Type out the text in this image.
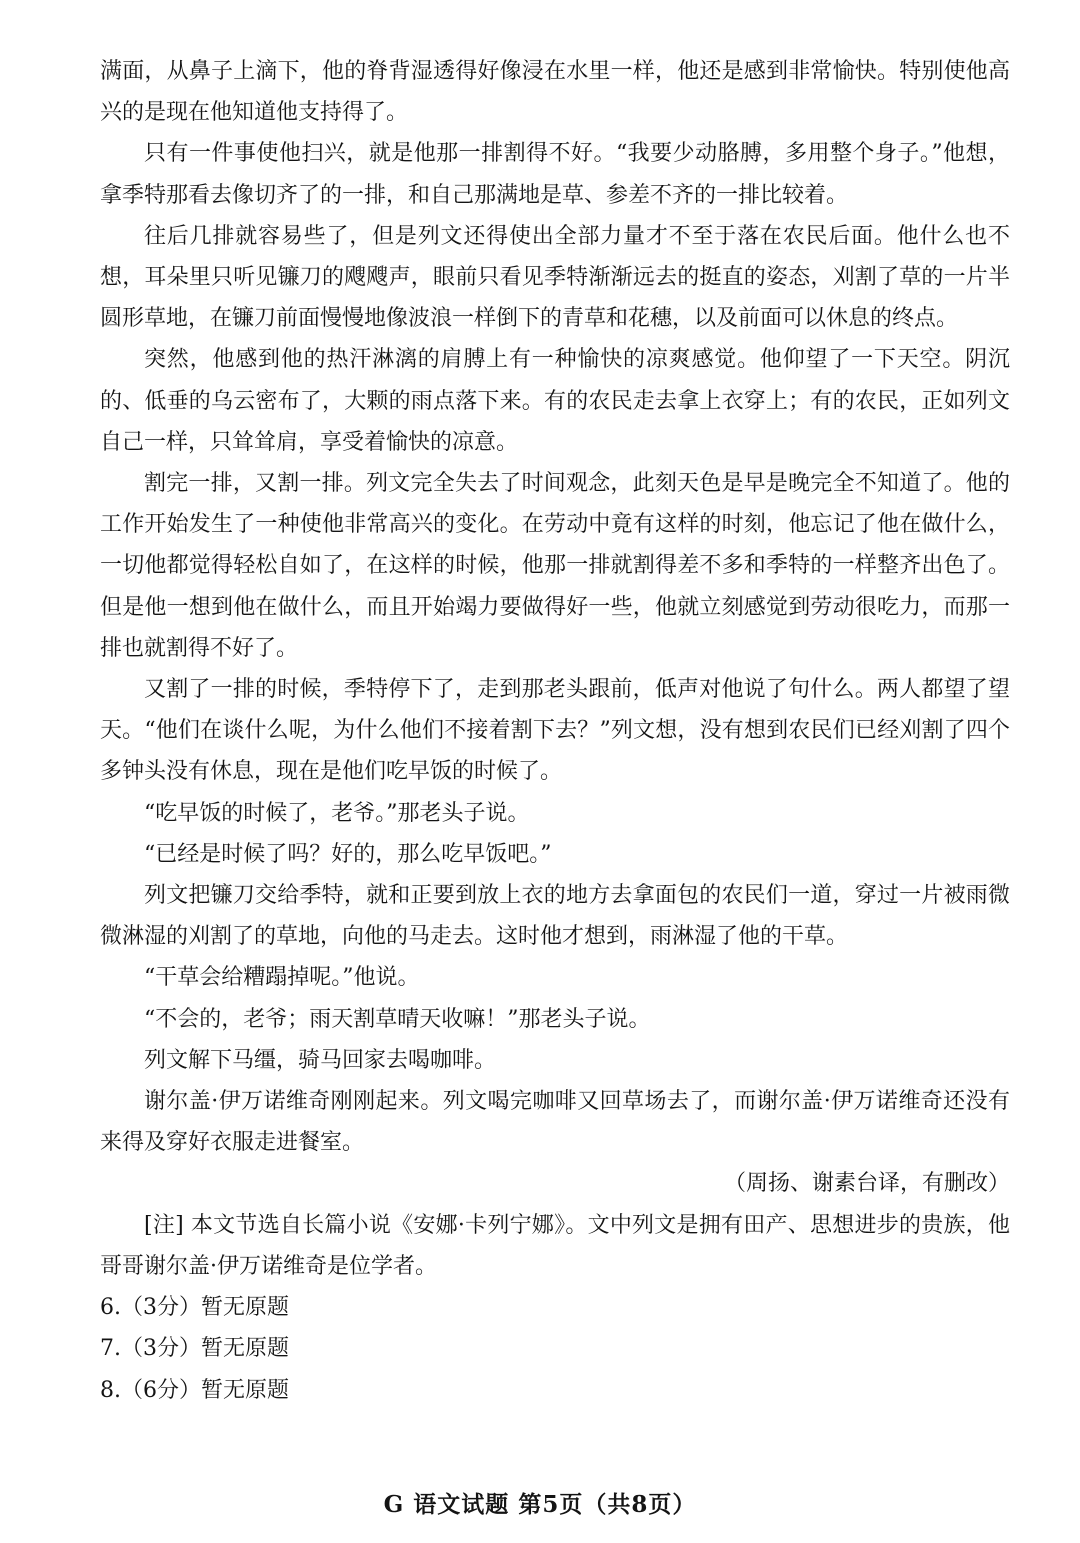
满面，从鼻子上滴下，他的脊背湿透得好像浸在水里一样，他还是感到非常愉快。特别使他高兴的是现在他知道他支持得了。

只有一件事使他扫兴，就是他那一排割得不好。“我要少动胳膊，多用整个身子。”他想，拿季特那看去像切齐了的一排，和自己那满地是草、参差不齐的一排比较着。

往后几排就容易些了，但是列文还得使出全部力量才不至于落在农民后面。他什么也不想，耳朵里只听见镰刀的飕飕声，眼前只看见季特渐渐远去的挺直的姿态，刈割了草的一片半圆形草地，在镰刀前面慢慢地像波浪一样倒下的青草和花穗，以及前面可以休息的终点。

突然，他感到他的热汗淋漓的肩膊上有一种愉快的凉爽感觉。他仰望了一下天空。阴沉的、低垂的乌云密布了，大颗的雨点落下来。有的农民走去拿上衣穿上；有的农民，正如列文自己一样，只耸耸肩，享受着愉快的凉意。

割完一排，又割一排。列文完全失去了时间观念，此刻天色是早是晚完全不知道了。他的工作开始发生了一种使他非常高兴的变化。在劳动中竟有这样的时刻，他忘记了他在做什么，一切他都觉得轻松自如了，在这样的时候，他那一排就割得差不多和季特的一样整齐出色了。但是他一想到他在做什么，而且开始竭力要做得好一些，他就立刻感觉到劳动很吃力，而那一排也就割得不好了。

又割了一排的时候，季特停下了，走到那老头跟前，低声对他说了句什么。两人都望了望天。“他们在谈什么呢，为什么他们不接着割下去？”列文想，没有想到农民们已经刈割了四个多钟头没有休息，现在是他们吃早饭的时候了。

“吃早饭的时候了，老爷。”那老头子说。

“已经是时候了吗？好的，那么吃早饭吧。”

列文把镰刀交给季特，就和正要到放上衣的地方去拿面包的农民们一道，穿过一片被雨微微淋湿的刈割了的草地，向他的马走去。这时他才想到，雨淋湿了他的干草。

“干草会给糟蹋掉呢。”他说。

“不会的，老爷；雨天割草晴天收嘛！”那老头子说。

列文解下马缰，骑马回家去喝咖啡。

谢尔盖·伊万诺维奇刚刚起来。列文喝完咖啡又回草场去了，而谢尔盖·伊万诺维奇还没有来得及穿好衣服走进餐室。

（周扬、谢素台译，有删改）

[注] 本文节选自长篇小说《安娜·卡列宁娜》。文中列文是拥有田产、思想进步的贵族，他哥哥谢尔盖·伊万诺维奇是位学者。

6.（3分）暂无原题

7.（3分）暂无原题

8.（6分）暂无原题

G 语文试题 第5页（共8页）
